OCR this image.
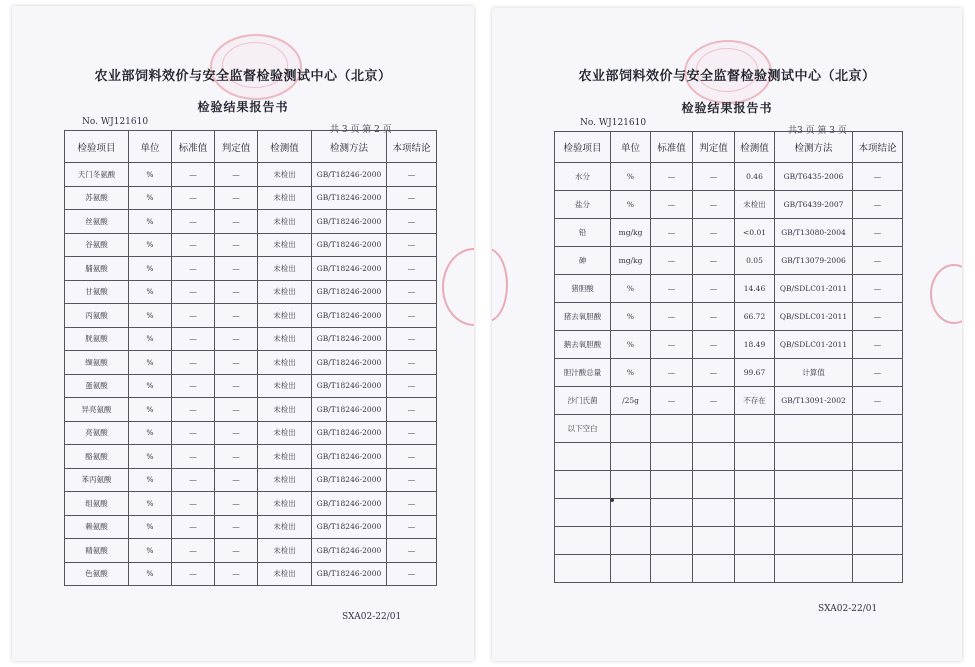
农业部饲料效价与安全监督检验测试中心（北京）
检验结果报告书
No. WJ121610
共 3 页 第 2 页
检验项目	单位	标准值	判定值	检测值	检测方法	本项结论
天门冬氨酸	%	—	—	未检出	GB/T18246-2000	—
苏氨酸	%	—	—	未检出	GB/T18246-2000	—
丝氨酸	%	—	—	未检出	GB/T18246-2000	—
谷氨酸	%	—	—	未检出	GB/T18246-2000	—
脯氨酸	%	—	—	未检出	GB/T18246-2000	—
甘氨酸	%	—	—	未检出	GB/T18246-2000	—
丙氨酸	%	—	—	未检出	GB/T18246-2000	—
胱氨酸	%	—	—	未检出	GB/T18246-2000	—
缬氨酸	%	—	—	未检出	GB/T18246-2000	—
蛋氨酸	%	—	—	未检出	GB/T18246-2000	—
异亮氨酸	%	—	—	未检出	GB/T18246-2000	—
亮氨酸	%	—	—	未检出	GB/T18246-2000	—
酪氨酸	%	—	—	未检出	GB/T18246-2000	—
苯丙氨酸	%	—	—	未检出	GB/T18246-2000	—
组氨酸	%	—	—	未检出	GB/T18246-2000	—
赖氨酸	%	—	—	未检出	GB/T18246-2000	—
精氨酸	%	—	—	未检出	GB/T18246-2000	—
色氨酸	%	—	—	未检出	GB/T18246-2000	—
SXA02-22/01
农业部饲料效价与安全监督检验测试中心（北京）
检验结果报告书
No. WJ121610
共3 页 第 3 页
检验项目	单位	标准值	判定值	检测值	检测方法	本项结论
水分	%	—	—	0.46	GB/T6435-2006	—
盐分	%	—	—	未检出	GB/T6439-2007	—
铅	mg/kg	—	—	<0.01	GB/T13080-2004	—
砷	mg/kg	—	—	0.05	GB/T13079-2006	—
猪胆酸	%	—	—	14.46	QB/SDLC01-2011	—
猪去氧胆酸	%	—	—	66.72	QB/SDLC01-2011	—
鹅去氧胆酸	%	—	—	18.49	QB/SDLC01-2011	—
胆汁酸总量	%	—	—	99.67	计算值	—
沙门氏菌	/25g	—	—	不存在	GB/T13091-2002	—
以下空白						

SXA02-22/01
